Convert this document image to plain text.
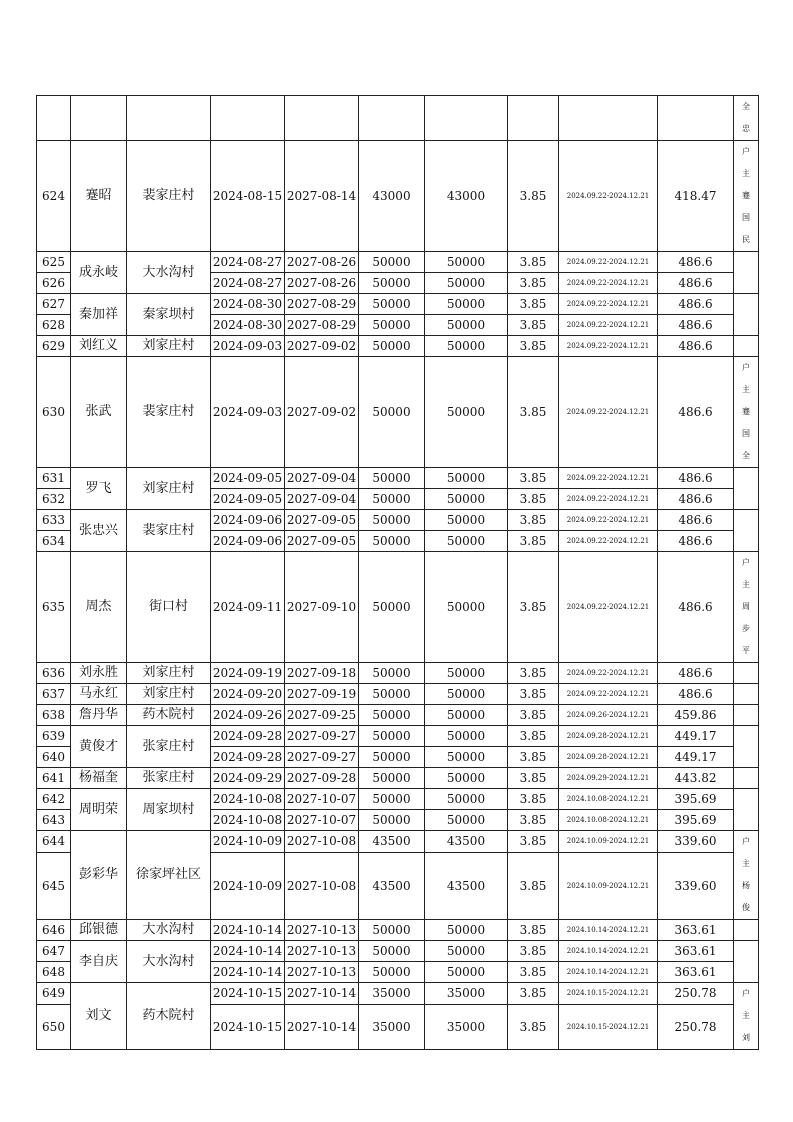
										全
忠

624	蹇昭	裴家庄村	2024-08-15	2027-08-14	43000	43000	3.85	2024.09.22-2024.12.21	418.47	户
主
蹇
国
民

625	成永岐	大水沟村	2024-08-27	2027-08-26	50000	50000	3.85	2024.09.22-2024.12.21	486.6	
626			2024-08-27	2027-08-26	50000	50000	3.85	2024.09.22-2024.12.21	486.6	
627	秦加祥	秦家坝村	2024-08-30	2027-08-29	50000	50000	3.85	2024.09.22-2024.12.21	486.6	
628			2024-08-30	2027-08-29	50000	50000	3.85	2024.09.22-2024.12.21	486.6	
629	刘红义	刘家庄村	2024-09-03	2027-09-02	50000	50000	3.85	2024.09.22-2024.12.21	486.6	
630	张武	裴家庄村	2024-09-03	2027-09-02	50000	50000	3.85	2024.09.22-2024.12.21	486.6	户
主
蹇
国
全

631	罗飞	刘家庄村	2024-09-05	2027-09-04	50000	50000	3.85	2024.09.22-2024.12.21	486.6	
632			2024-09-05	2027-09-04	50000	50000	3.85	2024.09.22-2024.12.21	486.6	
633	张忠兴	裴家庄村	2024-09-06	2027-09-05	50000	50000	3.85	2024.09.22-2024.12.21	486.6	
634			2024-09-06	2027-09-05	50000	50000	3.85	2024.09.22-2024.12.21	486.6	
635	周杰	街口村	2024-09-11	2027-09-10	50000	50000	3.85	2024.09.22-2024.12.21	486.6	户
主
周
步
平

636	刘永胜	刘家庄村	2024-09-19	2027-09-18	50000	50000	3.85	2024.09.22-2024.12.21	486.6	
637	马永红	刘家庄村	2024-09-20	2027-09-19	50000	50000	3.85	2024.09.22-2024.12.21	486.6	
638	詹丹华	药木院村	2024-09-26	2027-09-25	50000	50000	3.85	2024.09.26-2024.12.21	459.86	
639	黄俊才	张家庄村	2024-09-28	2027-09-27	50000	50000	3.85	2024.09.28-2024.12.21	449.17	
640			2024-09-28	2027-09-27	50000	50000	3.85	2024.09.28-2024.12.21	449.17	
641	杨福奎	张家庄村	2024-09-29	2027-09-28	50000	50000	3.85	2024.09.29-2024.12.21	443.82	
642	周明荣	周家坝村	2024-10-08	2027-10-07	50000	50000	3.85	2024.10.08-2024.12.21	395.69	
643			2024-10-08	2027-10-07	50000	50000	3.85	2024.10.08-2024.12.21	395.69	
644	彭彩华	徐家坪社区	2024-10-09	2027-10-08	43500	43500	3.85	2024.10.09-2024.12.21	339.60	户
主
杨
俊

645			2024-10-09	2027-10-08	43500	43500	3.85	2024.10.09-2024.12.21	339.60	
646	邱银德	大水沟村	2024-10-14	2027-10-13	50000	50000	3.85	2024.10.14-2024.12.21	363.61	
647	李自庆	大水沟村	2024-10-14	2027-10-13	50000	50000	3.85	2024.10.14-2024.12.21	363.61	
648			2024-10-14	2027-10-13	50000	50000	3.85	2024.10.14-2024.12.21	363.61	
649	刘文	药木院村	2024-10-15	2027-10-14	35000	35000	3.85	2024.10.15-2024.12.21	250.78	户
主
刘

650			2024-10-15	2027-10-14	35000	35000	3.85	2024.10.15-2024.12.21	250.78	
